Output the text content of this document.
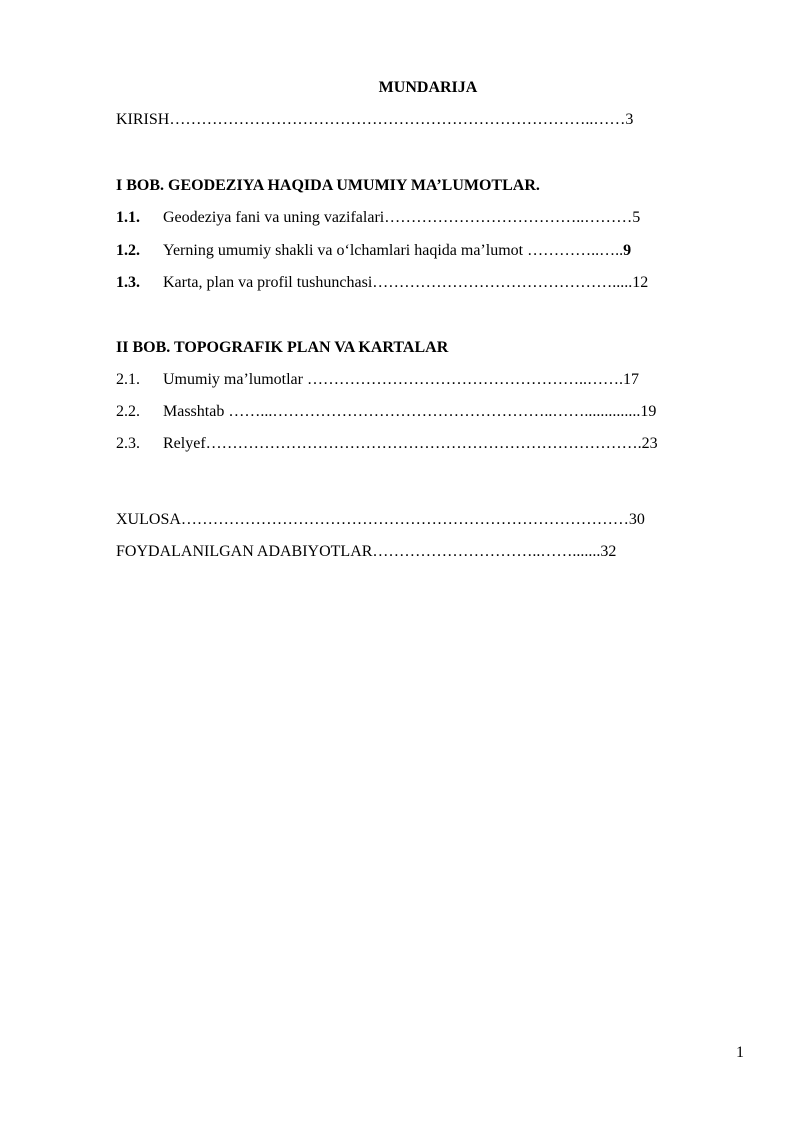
MUNDARIJA
KIRISH……………………………………………………………………..……3
I BOB. GEODEZIYA HAQIDA UMUMIY MA’LUMOTLAR.
1.1. Geodeziya fani va uning vazifalari………………………………..………5
1.2. Yerning umumiy shakli va oʻlchamlari haqida ma’lumot …………..…..9
1.3. Karta, plan va profil tushunchasi……………………………………….....12
II BOB. TOPOGRAFIK PLAN VA KARTALAR
2.1. Umumiy ma’lumotlar ……………………………………………..…….17
2.2. Masshtab ……...……………………………………………..……..............19
2.3. Relyef……………………………………………………………………….23
XULOSA…………………………………………………………………………30
FOYDALANILGAN ADABIYOTLAR…………………………..…….......32
1
